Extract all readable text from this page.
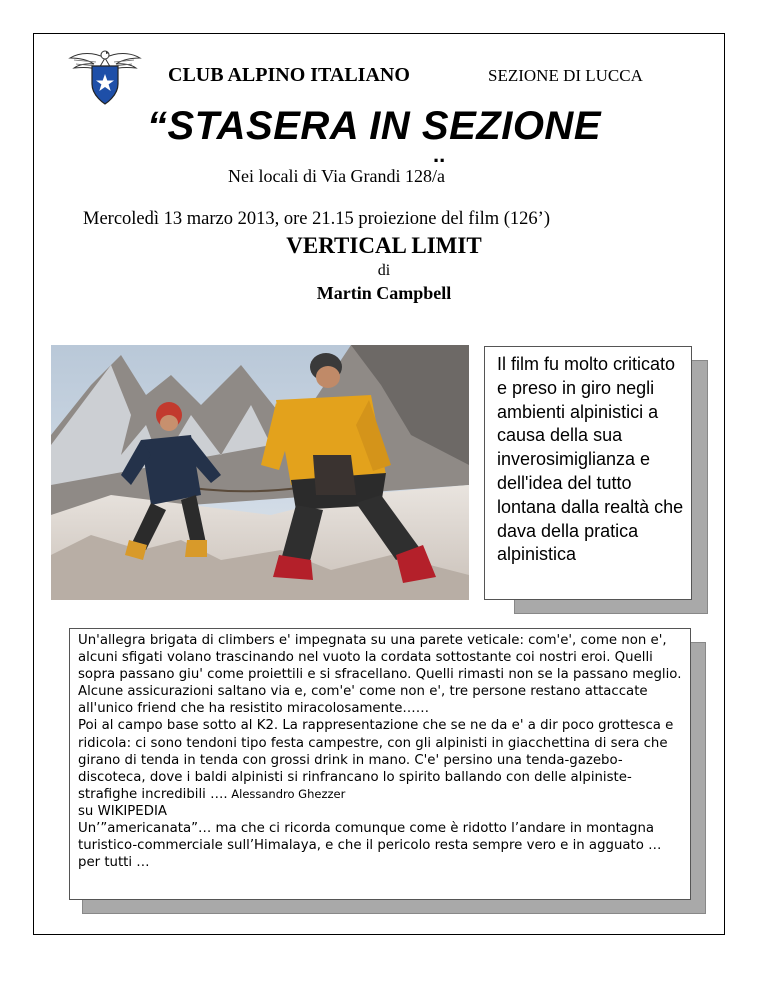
CLUB ALPINO ITALIANO	SEZIONE DI LUCCA
“STASERA IN SEZIONE
..
Nei locali di Via Grandi 128/a
Mercoledì 13 marzo 2013, ore 21.15 proiezione del film (126’)
VERTICAL LIMIT
di
Martin Campbell
Il film fu molto criticato e preso in giro negli ambienti alpinistici a causa della sua inverosimiglianza e dell'idea del tutto lontana dalla realtà che dava della pratica alpinistica

Un'allegra brigata di climbers e' impegnata su una parete veticale: com'e', come non e', alcuni sfigati volano trascinando nel vuoto la cordata sottostante coi nostri eroi. Quelli sopra passano giu' come proiettili e si sfracellano. Quelli rimasti non se la passano meglio. Alcune assicurazioni saltano via e, com'e' come non e', tre persone restano attaccate all'unico friend che ha resistito miracolosamente……

Poi al campo base sotto al K2. La rappresentazione che se ne da e' a dir poco grottesca e ridicola: ci sono tendoni tipo festa campestre, con gli alpinisti in giacchettina di sera che girano di tenda in tenda con grossi drink in mano. C'e' persino una tenda-gazebo-discoteca, dove i baldi alpinisti si rinfrancano lo spirito ballando con delle alpiniste-strafighe incredibili …. Alessandro Ghezzer

su WIKIPEDIA

Un’”americanata”… ma che ci ricorda comunque come è ridotto l’andare in montagna turistico-commerciale sull’Himalaya, e che il pericolo resta sempre vero e in agguato … per tutti …
